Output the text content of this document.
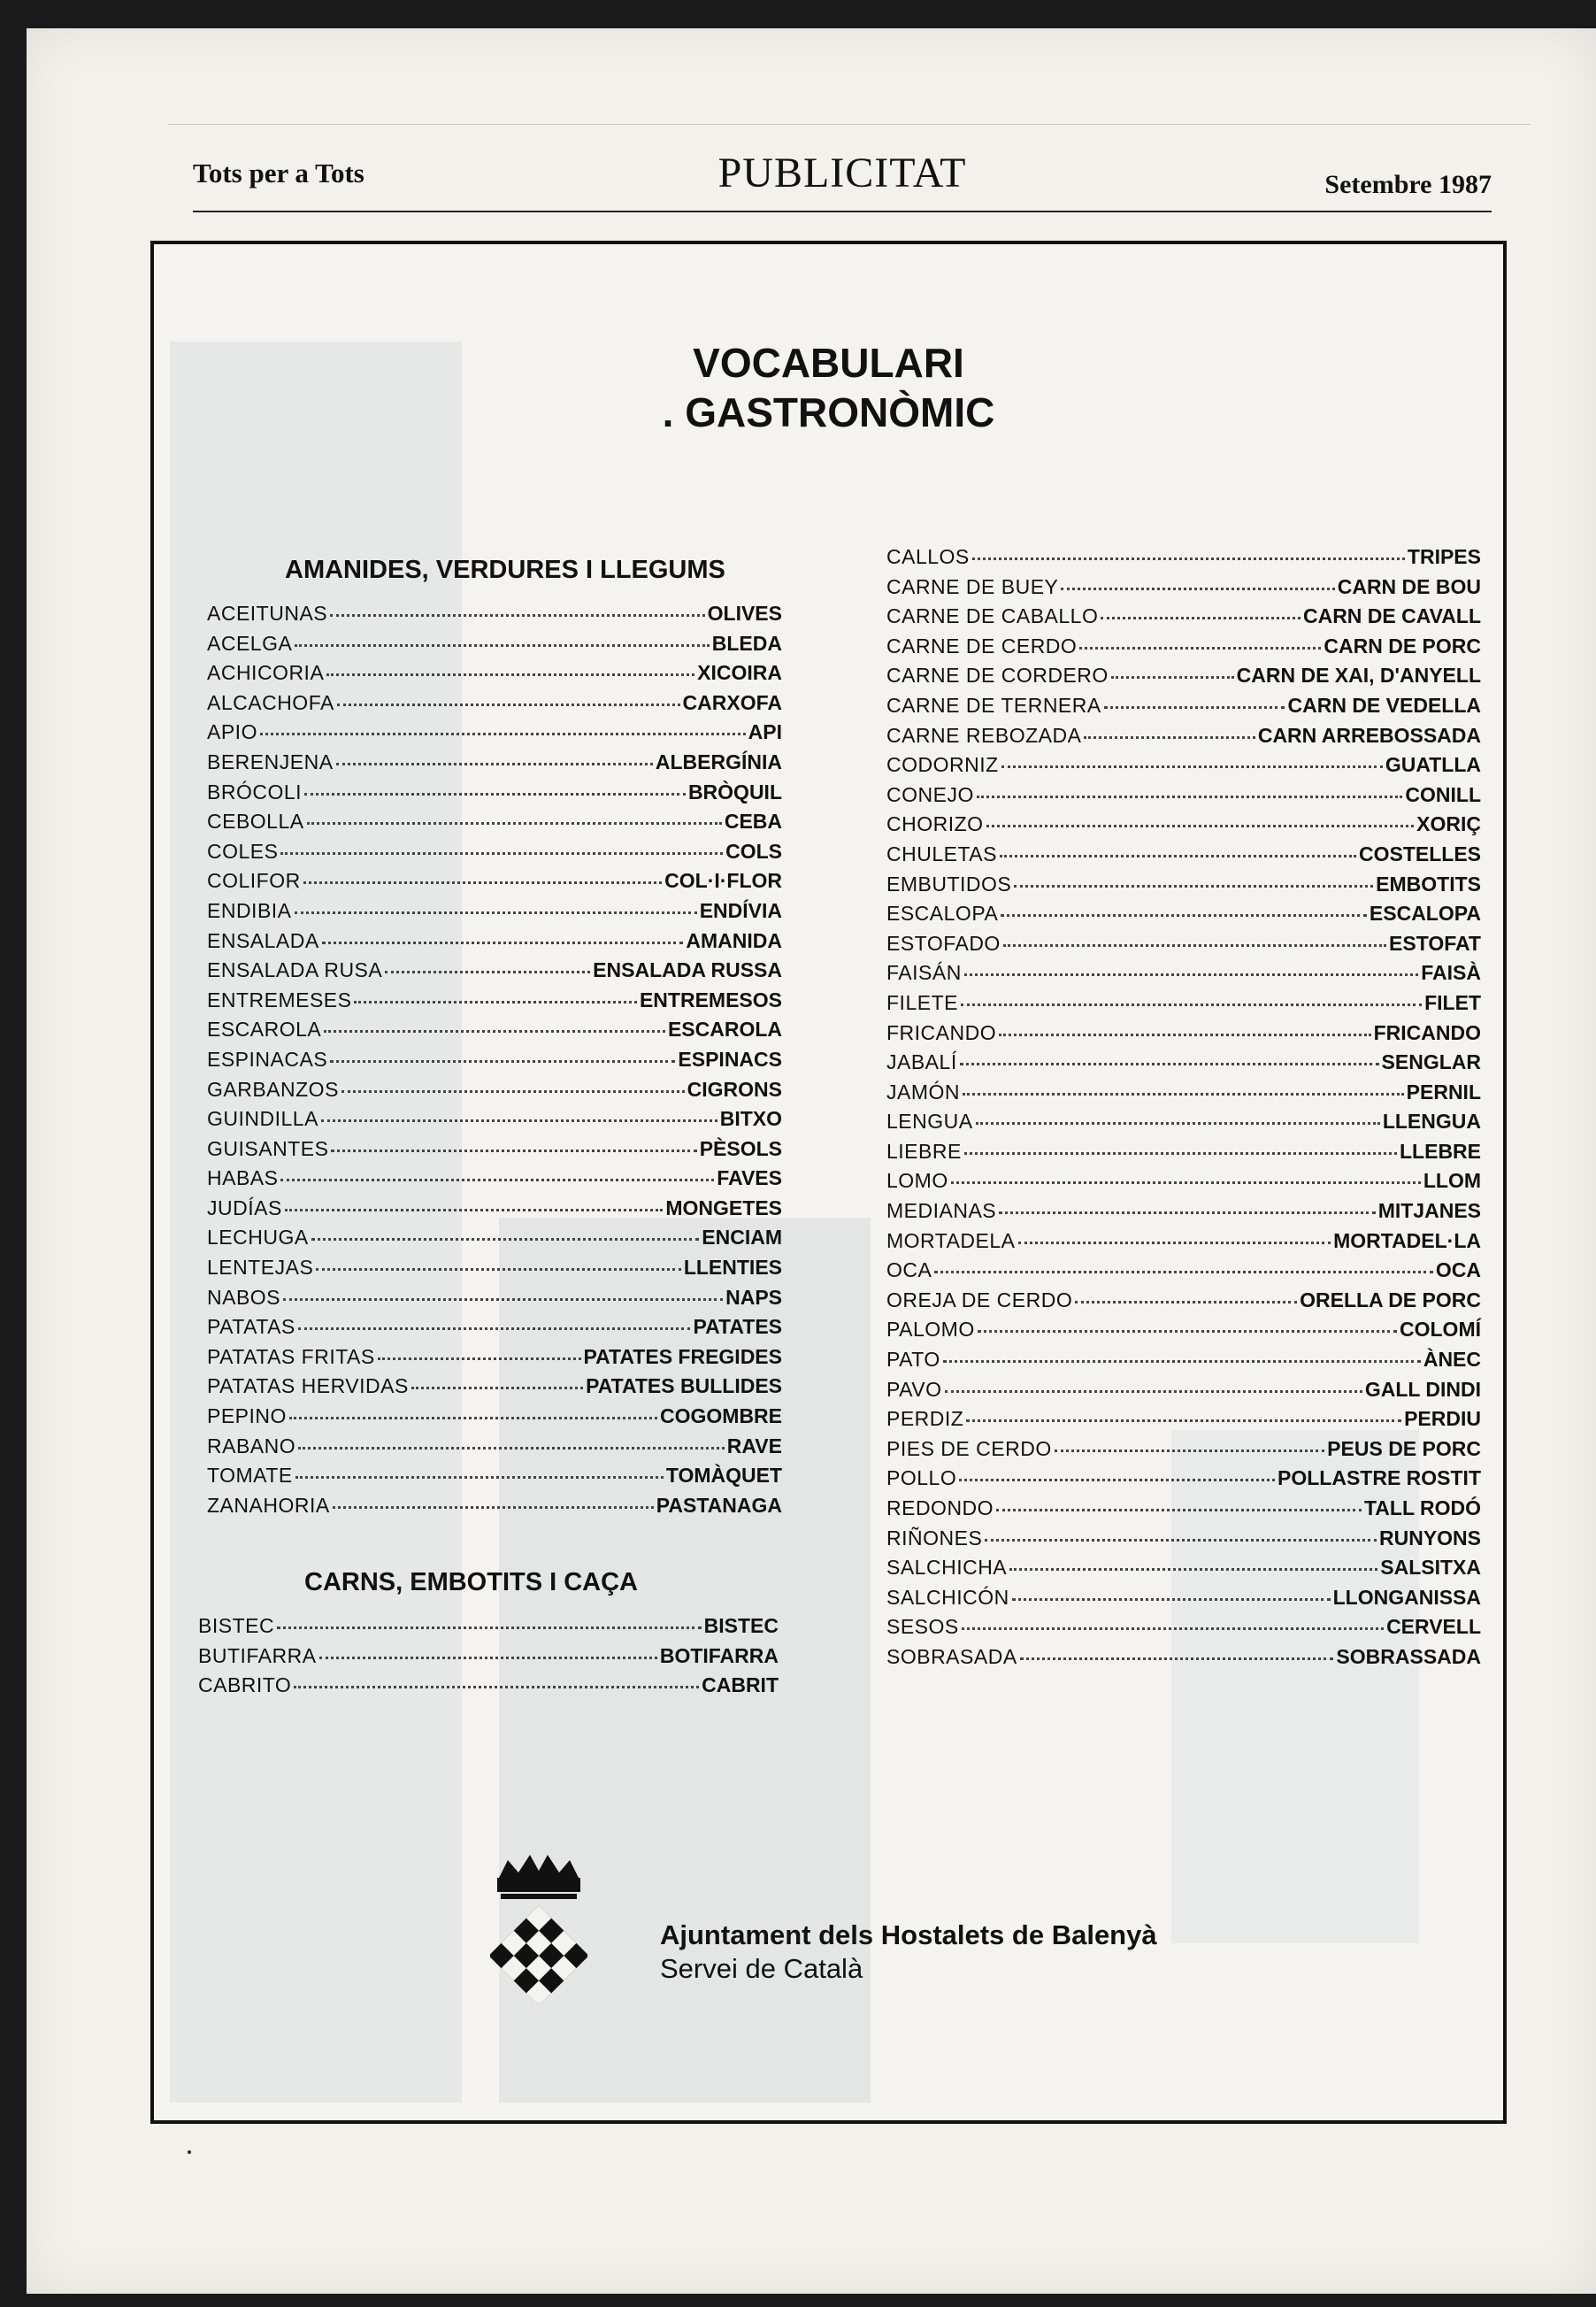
Tots per a Tots	PUBLICITAT	Setembre 1987
VOCABULARI
. GASTRONÒMIC
AMANIDES, VERDURES I LLEGUMS
ACEITUNAS	OLIVES
ACELGA	BLEDA
ACHICORIA	XICOIRA
ALCACHOFA	CARXOFA
APIO	API
BERENJENA	ALBERGÍNIA
BRÓCOLI	BRÒQUIL
CEBOLLA	CEBA
COLES	COLS
COLIFOR	COL·I·FLOR
ENDIBIA	ENDÍVIA
ENSALADA	AMANIDA
ENSALADA RUSA	ENSALADA RUSSA
ENTREMESES	ENTREMESOS
ESCAROLA	ESCAROLA
ESPINACAS	ESPINACS
GARBANZOS	CIGRONS
GUINDILLA	BITXO
GUISANTES	PÈSOLS
HABAS	FAVES
JUDÍAS	MONGETES
LECHUGA	ENCIAM
LENTEJAS	LLENTIES
NABOS	NAPS
PATATAS	PATATES
PATATAS FRITAS	PATATES FREGIDES
PATATAS HERVIDAS	PATATES BULLIDES
PEPINO	COGOMBRE
RABANO	RAVE
TOMATE	TOMÀQUET
ZANAHORIA	PASTANAGA
CARNS, EMBOTITS I CAÇA
BISTEC	BISTEC
BUTIFARRA	BOTIFARRA
CABRITO	CABRIT
CALLOS	TRIPES
CARNE DE BUEY	CARN DE BOU
CARNE DE CABALLO	CARN DE CAVALL
CARNE DE CERDO	CARN DE PORC
CARNE DE CORDERO	CARN DE XAI, D'ANYELL
CARNE DE TERNERA	CARN DE VEDELLA
CARNE REBOZADA	CARN ARREBOSSADA
CODORNIZ	GUATLLA
CONEJO	CONILL
CHORIZO	XORIÇ
CHULETAS	COSTELLES
EMBUTIDOS	EMBOTITS
ESCALOPA	ESCALOPA
ESTOFADO	ESTOFAT
FAISÁN	FAISÀ
FILETE	FILET
FRICANDO	FRICANDO
JABALÍ	SENGLAR
JAMÓN	PERNIL
LENGUA	LLENGUA
LIEBRE	LLEBRE
LOMO	LLOM
MEDIANAS	MITJANES
MORTADELA	MORTADEL·LA
OCA	OCA
OREJA DE CERDO	ORELLA DE PORC
PALOMO	COLOMÍ
PATO	ÀNEC
PAVO	GALL DINDI
PERDIZ	PERDIU
PIES DE CERDO	PEUS DE PORC
POLLO	POLLASTRE ROSTIT
REDONDO	TALL RODÓ
RIÑONES	RUNYONS
SALCHICHA	SALSITXA
SALCHICÓN	LLONGANISSA
SESOS	CERVELL
SOBRASADA	SOBRASSADA
Ajuntament dels Hostalets de Balenyà
Servei de Català
